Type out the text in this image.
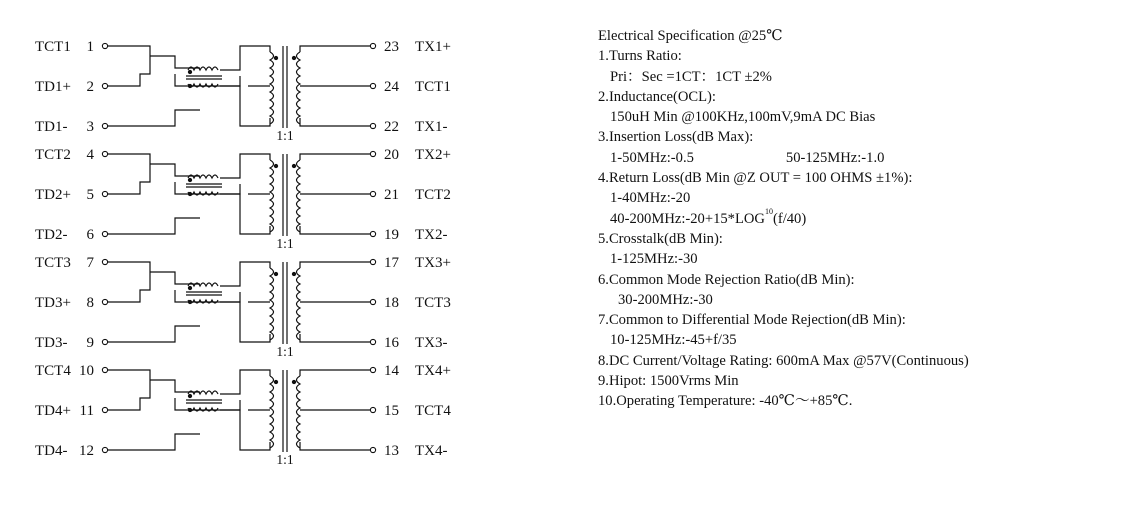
TCT1 1
TD1+ 2
TD1- 3
23 TX1+
24 TCT1
22 TX1-
1:1
TCT2 4
TD2+ 5
TD2- 6
20 TX2+
21 TCT2
19 TX2-
1:1
TCT3 7
TD3+ 8
TD3- 9
17 TX3+
18 TCT3
16 TX3-
1:1
TCT4 10
TD4+ 11
TD4- 12
14 TX4+
15 TCT4
13 TX4-
1:1
Electrical Specification @25℃
1.Turns Ratio:
Pri：Sec =1CT：1CT ±2%
2.Inductance(OCL):
150uH Min @100KHz,100mV,9mA DC Bias
3.Insertion Loss(dB Max):
1-50MHz:-0.5	50-125MHz:-1.0
4.Return Loss(dB Min @Z OUT = 100 OHMS ±1%):
1-40MHz:-20
$40-200MHz:-20+15*LOG^{10}(f/40)$
5.Crosstalk(dB Min):
1-125MHz:-30
6.Common Mode Rejection Ratio(dB Min):
30-200MHz:-30
7.Common to Differential Mode Rejection(dB Min):
10-125MHz:-45+f/35
8.DC Current/Voltage Rating: 600mA Max @57V(Continuous)
9.Hipot: 1500Vrms Min
10.Operating Temperature: -40℃～+85℃.
